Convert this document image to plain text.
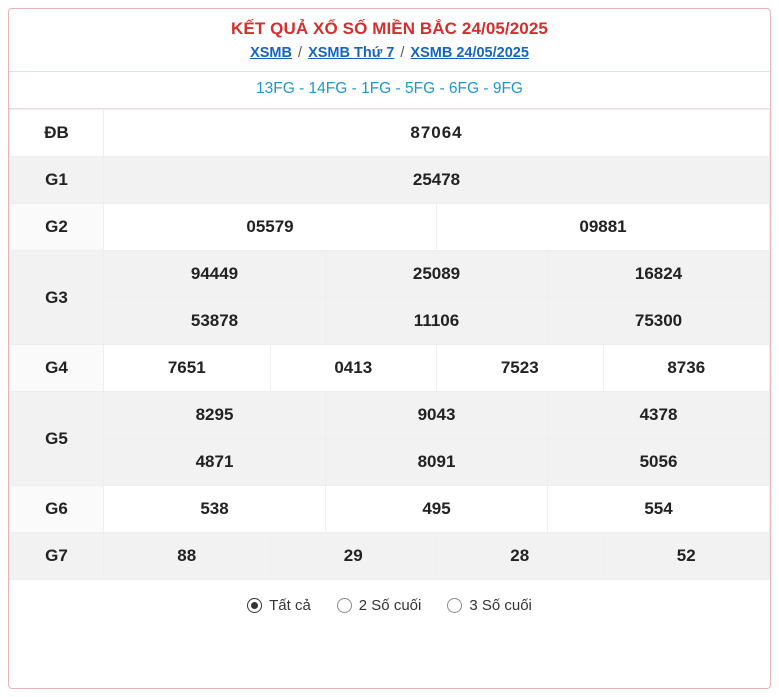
KẾT QUẢ XỔ SỐ MIỀN BẮC 24/05/2025
XSMB / XSMB Thứ 7 / XSMB 24/05/2025
13FG - 14FG - 1FG - 5FG - 6FG - 9FG
ĐB	87064					
G1	25478					
G2	05579			09881		
G3	94449		25089		16824	
	53878		11106		75300	
G4	7651	0413		7523		8736
G5	8295		9043		4378	
	4871		8091		5056	
G6	538		495		554	
G7	88	29		28		52
Tất cả	2 Số cuối	3 Số cuối
